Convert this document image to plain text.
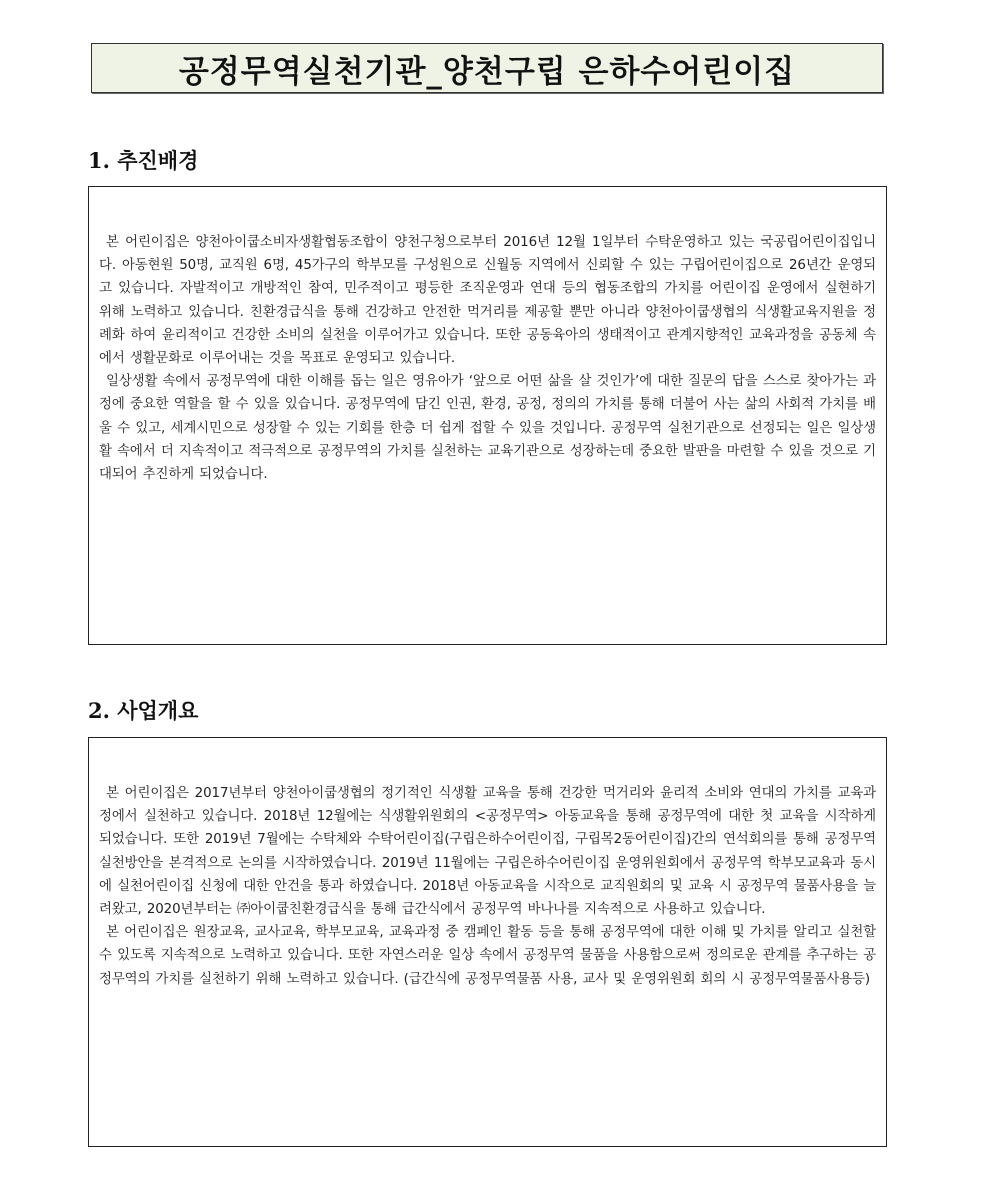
공정무역실천기관_양천구립 은하수어린이집
1. 추진배경

본 어린이집은 양천아이쿱소비자생활협동조합이 양천구청으로부터 2016년 12월 1일부터 수탁운영하고 있는 국공립어린이집입니다. 아동현원 50명, 교직원 6명, 45가구의 학부모를 구성원으로 신월동 지역에서 신뢰할 수 있는 구립어린이집으로 26년간 운영되고 있습니다. 자발적이고 개방적인 참여, 민주적이고 평등한 조직운영과 연대 등의 협동조합의 가치를 어린이집 운영에서 실현하기 위해 노력하고 있습니다. 친환경급식을 통해 건강하고 안전한 먹거리를 제공할 뿐만 아니라 양천아이쿱생협의 식생활교육지원을 정례화 하여 윤리적이고 건강한 소비의 실천을 이루어가고 있습니다. 또한 공동육아의 생태적이고 관계지향적인 교육과정을 공동체 속에서 생활문화로 이루어내는 것을 목표로 운영되고 있습니다.

일상생활 속에서 공정무역에 대한 이해를 돕는 일은 영유아가 ‘앞으로 어떤 삶을 살 것인가’에 대한 질문의 답을 스스로 찾아가는 과정에 중요한 역할을 할 수 있을 있습니다. 공정무역에 담긴 인권, 환경, 공정, 정의의 가치를 통해 더불어 사는 삶의 사회적 가치를 배울 수 있고, 세계시민으로 성장할 수 있는 기회를 한층 더 쉽게 접할 수 있을 것입니다. 공정무역 실천기관으로 선정되는 일은 일상생활 속에서 더 지속적이고 적극적으로 공정무역의 가치를 실천하는 교육기관으로 성장하는데 중요한 발판을 마련할 수 있을 것으로 기대되어 추진하게 되었습니다.

2. 사업개요

본 어린이집은 2017년부터 양천아이쿱생협의 정기적인 식생활 교육을 통해 건강한 먹거리와 윤리적 소비와 연대의 가치를 교육과정에서 실천하고 있습니다. 2018년 12월에는 식생활위원회의 <공정무역> 아동교육을 통해 공정무역에 대한 첫 교육을 시작하게 되었습니다. 또한 2019년 7월에는 수탁체와 수탁어린이집(구립은하수어린이집, 구립목2동어린이집)간의 연석회의를 통해 공정무역 실천방안을 본격적으로 논의를 시작하였습니다. 2019년 11월에는 구립은하수어린이집 운영위원회에서 공정무역 학부모교육과 동시에 실천어린이집 신청에 대한 안건을 통과 하였습니다. 2018년 아동교육을 시작으로 교직원회의 및 교육 시 공정무역 물품사용을 늘려왔고, 2020년부터는 ㈜아이쿱친환경급식을 통해 급간식에서 공정무역 바나나를 지속적으로 사용하고 있습니다.

본 어린이집은 원장교육, 교사교육, 학부모교육, 교육과정 중 캠페인 활동 등을 통해 공정무역에 대한 이해 및 가치를 알리고 실천할 수 있도록 지속적으로 노력하고 있습니다. 또한 자연스러운 일상 속에서 공정무역 물품을 사용함으로써 정의로운 관계를 추구하는 공정무역의 가치를 실천하기 위해 노력하고 있습니다. (급간식에 공정무역물품 사용, 교사 및 운영위원회 회의 시 공정무역물품사용등)
